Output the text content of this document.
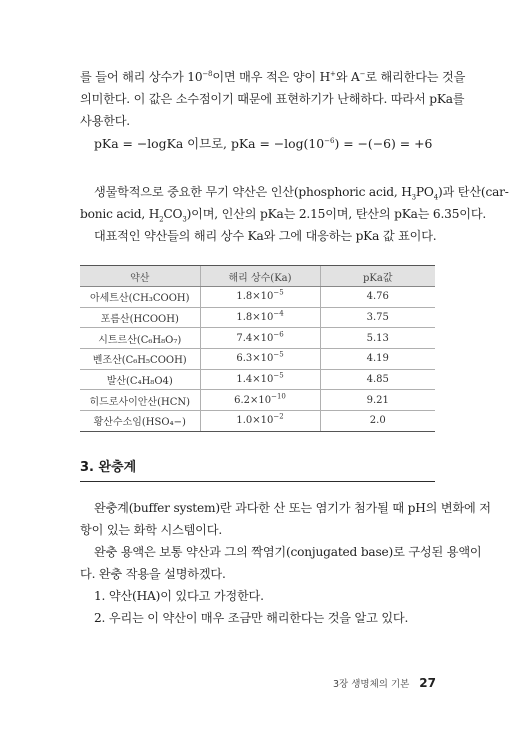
를 들어 해리 상수가 $10^{-8}$이면 매우 적은 양이 H+와 A−로 해리한다는 것을
의미한다. 이 값은 소수점이기 때문에 표현하기가 난해하다. 따라서 pKa를
사용한다.
pKa = −logKa 이므로, pKa = $-\log(10^{-6}) = -(-6) = +6$
생물학적으로 중요한 무기 약산은 인산(phosphoric acid, $H_3PO_4$)과 탄산(car-
bonic acid, $H_2CO_3$)이며, 인산의 pKa는 2.15이며, 탄산의 pKa는 6.35이다.
대표적인 약산들의 해리 상수 Ka와 그에 대응하는 pKa 값 표이다.
약산	해리 상수(Ka)	pKa값
아세트산(CH₃COOH)	$1.8\times 10^{-5}$	4.76
포름산(HCOOH)	$1.8\times 10^{-4}$	3.75
시트르산(C₆H₈O₇)	$7.4\times 10^{-6}$	5.13
벤조산(C₆H₅COOH)	$6.3\times 10^{-5}$	4.19
발산(C₄H₈O4)	$1.4\times 10^{-5}$	4.85
히드로사이안산(HCN)	$6.2\times 10^{-10}$	9.21
황산수소임(HSO₄−)	$1.0\times 10^{-2}$	2.0
3. 완충계
완충계(buffer system)란 과다한 산 또는 염기가 첨가될 때 pH의 변화에 저
항이 있는 화학 시스템이다.
완충 용액은 보통 약산과 그의 짝염기(conjugated base)로 구성된 용액이
다. 완충 작용을 설명하겠다.
1. 약산(HA)이 있다고 가정한다.
2. 우리는 이 약산이 매우 조금만 해리한다는 것을 알고 있다.
3장 생명체의 기본 27
